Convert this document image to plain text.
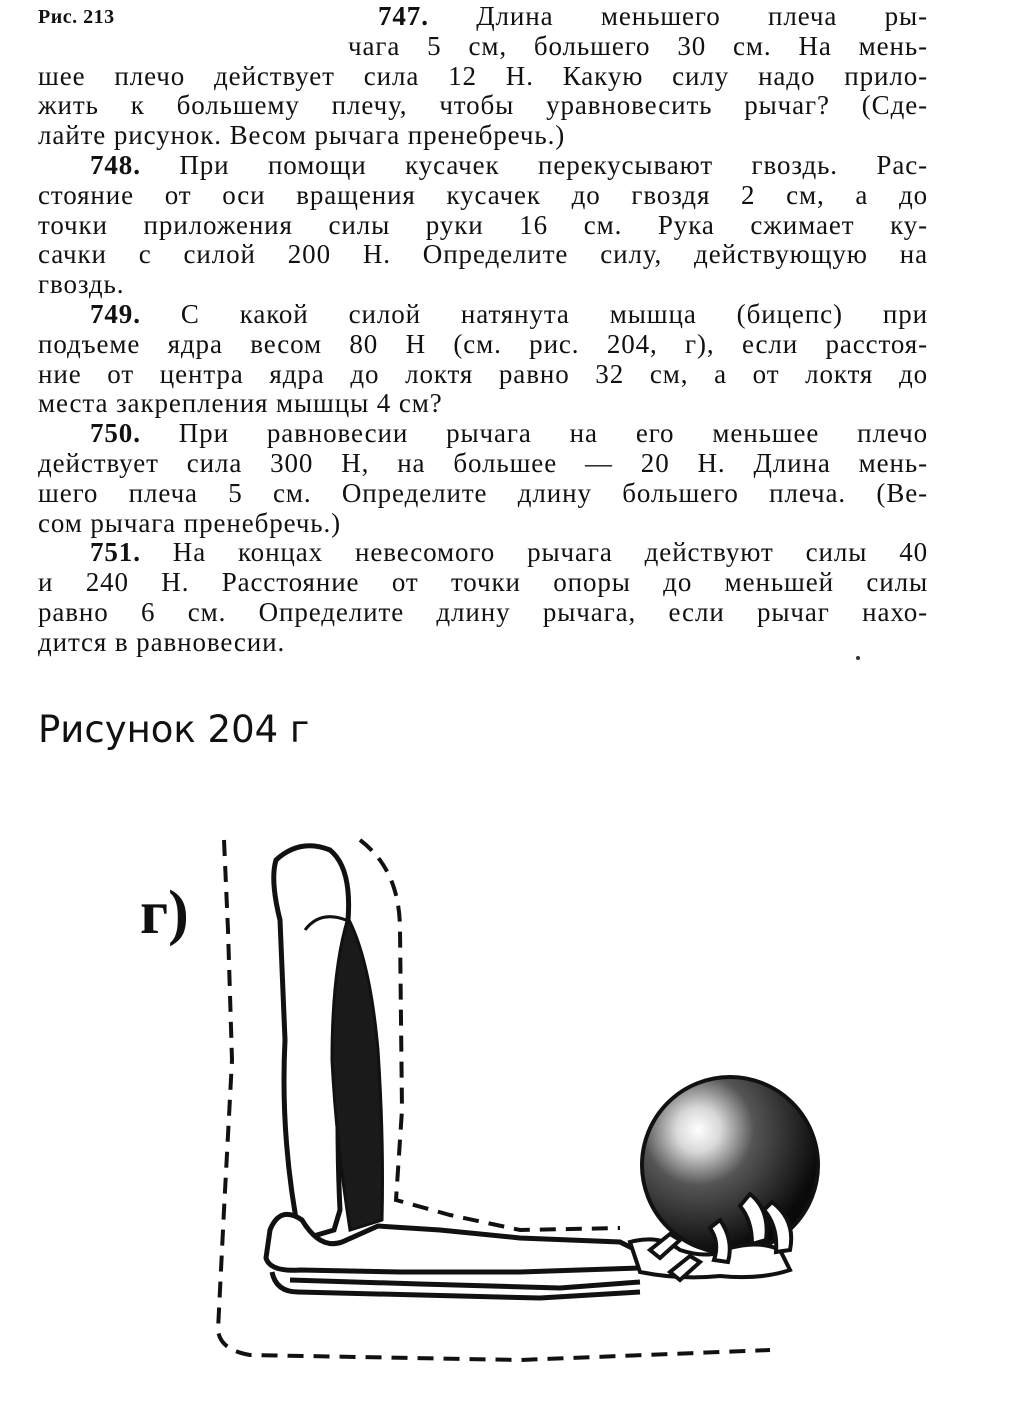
Рис. 213	747. Длина меньшего плеча ры-
чага 5 см, большего 30 см. На мень-
шее плечо действует сила 12 Н. Какую силу надо прило-
жить к большему плечу, чтобы уравновесить рычаг? (Сде-
лайте рисунок. Весом рычага пренебречь.)
748. При помощи кусачек перекусывают гвоздь. Рас-
стояние от оси вращения кусачек до гвоздя 2 см, а до
точки приложения силы руки 16 см. Рука сжимает ку-
сачки с силой 200 Н. Определите силу, действующую на
гвоздь.
749. С какой силой натянута мышца (бицепс) при
подъеме ядра весом 80 Н (см. рис. 204, г), если расстоя-
ние от центра ядра до локтя равно 32 см, а от локтя до
места закрепления мышцы 4 см?
750. При равновесии рычага на его меньшее плечо
действует сила 300 Н, на большее — 20 Н. Длина мень-
шего плеча 5 см. Определите длину большего плеча. (Ве-
сом рычага пренебречь.)
751. На концах невесомого рычага действуют силы 40
и 240 Н. Расстояние от точки опоры до меньшей силы
равно 6 см. Определите длину рычага, если рычаг нахо-
дится в равновесии.
Рисунок 204 г
г)
